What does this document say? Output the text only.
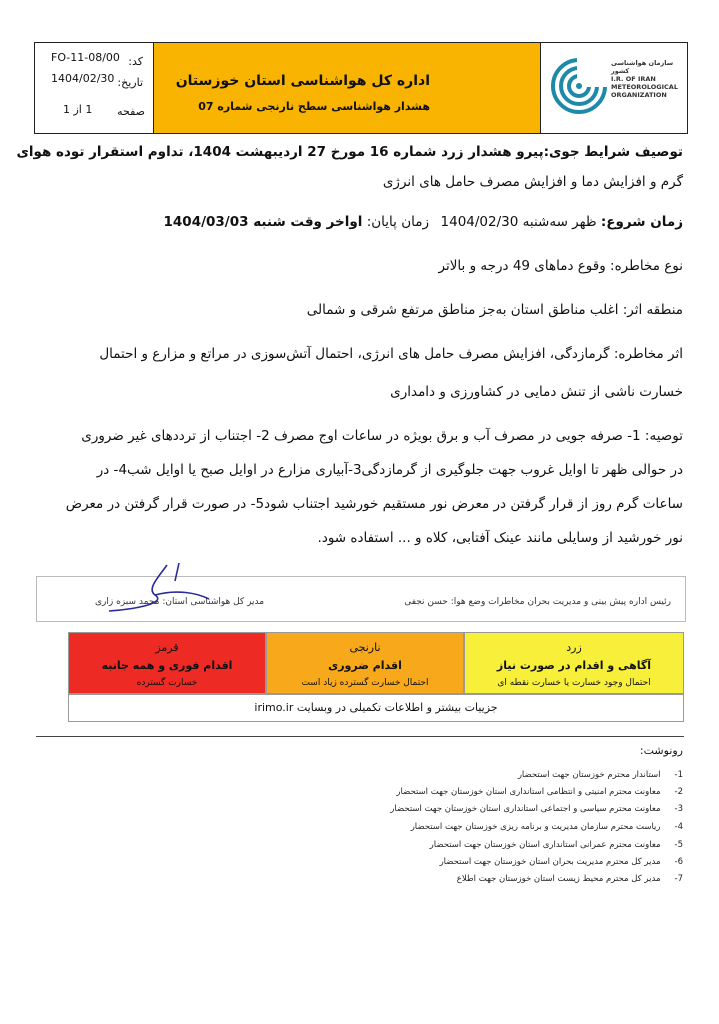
FO-11-08/00 کد:
1404/02/30 تاریخ:
1 از 1 صفحه
اداره کل هواشناسی استان خوزستان
هشدار هواشناسی سطح نارنجی شماره 07
سازمان هواشناسی کشور
I.R. OF IRAN
METEOROLOGICAL
ORGANIZATION
توصیف شرایط جوی:پیرو هشدار زرد شماره 16 مورخ 27 اردیبهشت 1404، تداوم استقرار توده هوای
گرم و افزایش دما و افزایش مصرف حامل های انرژی
زمان شروع: ظهر سه‌شنبه 1404/02/30
زمان پایان: اواخر وقت شنبه 1404/03/03
نوع مخاطره: وقوع دماهای 49 درجه و بالاتر
منطقه اثر: اغلب مناطق استان به‌جز مناطق مرتفع شرقی و شمالی
اثر مخاطره: گرمازدگی، افزایش مصرف حامل های انرژی، احتمال آتش‌سوزی در مراتع و مزارع و احتمال
خسارت ناشی از تنش دمایی در کشاورزی و دامداری
توصیه: 1- صرفه جویی در مصرف آب و برق بویژه در ساعات اوج مصرف 2- اجتناب از ترددهای غیر ضروری
در حوالی ظهر تا اوایل غروب جهت جلوگیری از گرمازدگی3-آبیاری مزارع در اوایل صبح یا اوایل شب4- در
ساعات گرم روز از قرار گرفتن در معرض نور مستقیم خورشید اجتناب شود5- در صورت قرار گرفتن در معرض
نور خورشید از وسایلی مانند عینک آفتابی، کلاه و ... استفاده شود.
رئیس اداره پیش بینی و مدیریت بحران مخاطرات وضع هوا: حسن نجفی
مدیر کل هواشناسی استان: محمد سبزه زاری
زرد
آگاهی و اقدام در صورت نیاز
احتمال وجود خسارت یا خسارت نقطه ای
نارنجی
اقدام ضروری
احتمال خسارت گسترده زیاد است
قرمز
اقدام فوری و همه جانبه
خسارت گسترده
جزییات بیشتر و اطلاعات تکمیلی در وبسایت irimo.ir
رونوشت:
-1
استاندار محترم خوزستان جهت استحضار
-2
معاونت محترم امنیتی و انتظامی استانداری استان خوزستان جهت استحضار
-3
معاونت محترم سیاسی و اجتماعی استانداری استان خوزستان جهت استحضار
-4
ریاست محترم سازمان مدیریت و برنامه ریزی خوزستان جهت استحضار
-5
معاونت محترم عمرانی استانداری استان خوزستان جهت استحضار
-6
مدیر کل محترم مدیریت بحران استان خوزستان جهت استحضار
-7
مدیر کل محترم محیط زیست استان خوزستان جهت اطلاع
